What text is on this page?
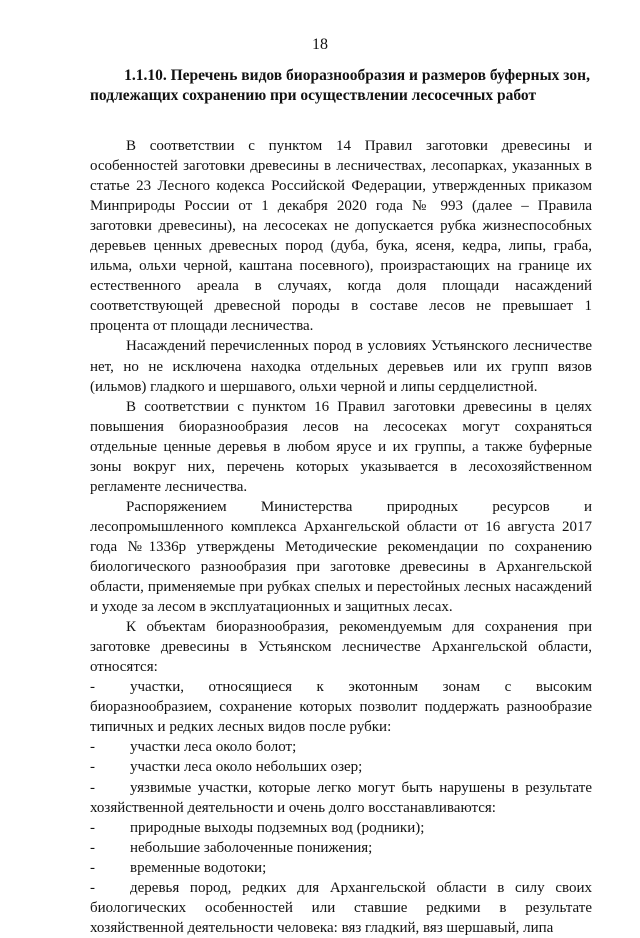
18
1.1.10. Перечень видов биоразнообразия и размеров буферных зон,
подлежащих сохранению при осуществлении лесосечных работ

В соответствии с пунктом 14 Правил заготовки древесины и особенностей заготовки древесины в лесничествах, лесопарках, указанных в статье 23 Лесного кодекса Российской Федерации, утвержденных приказом Минприроды России от 1 декабря 2020 года № 993 (далее – Правила заготовки древесины), на лесосеках не допускается рубка жизнеспособных деревьев ценных древесных пород (дуба, бука, ясеня, кедра, липы, граба, ильма, ольхи черной, каштана посевного), произрастающих на границе их естественного ареала в случаях, когда доля площади насаждений соответствующей древесной породы в составе лесов не превышает 1 процента от площади лесничества.

Насаждений перечисленных пород в условиях Устьянского лесничестве нет, но не исключена находка отдельных деревьев или их групп вязов (ильмов) гладкого и шершавого, ольхи черной и липы сердцелистной.

В соответствии с пунктом 16 Правил заготовки древесины в целях повышения биоразнообразия лесов на лесосеках могут сохраняться отдельные ценные деревья в любом ярусе и их группы, а также буферные зоны вокруг них, перечень которых указывается в лесохозяйственном регламенте лесничества.

Распоряжением Министерства природных ресурсов и лесопромышленного комплекса Архангельской области от 16 августа 2017 года №1336р утверждены Методические рекомендации по сохранению биологического разнообразия при заготовке древесины в Архангельской области, применяемые при рубках спелых и перестойных лесных насаждений и уходе за лесом в эксплуатационных и защитных лесах.

К объектам биоразнообразия, рекомендуемым для сохранения при заготовке древесины в Устьянском лесничестве Архангельской области, относятся:

- участки, относящиеся к экотонным зонам с высоким биоразнообразием, сохранение которых позволит поддержать разнообразие типичных и редких лесных видов после рубки:

- участки леса около болот;

- участки леса около небольших озер;

- уязвимые участки, которые легко могут быть нарушены в результате хозяйственной деятельности и очень долго восстанавливаются:

- природные выходы подземных вод (родники);

- небольшие заболоченные понижения;

- временные водотоки;

- деревья пород, редких для Архангельской области в силу своих биологических особенностей или ставшие редкими в результате хозяйственной деятельности человека: вяз гладкий, вяз шершавый, липа
